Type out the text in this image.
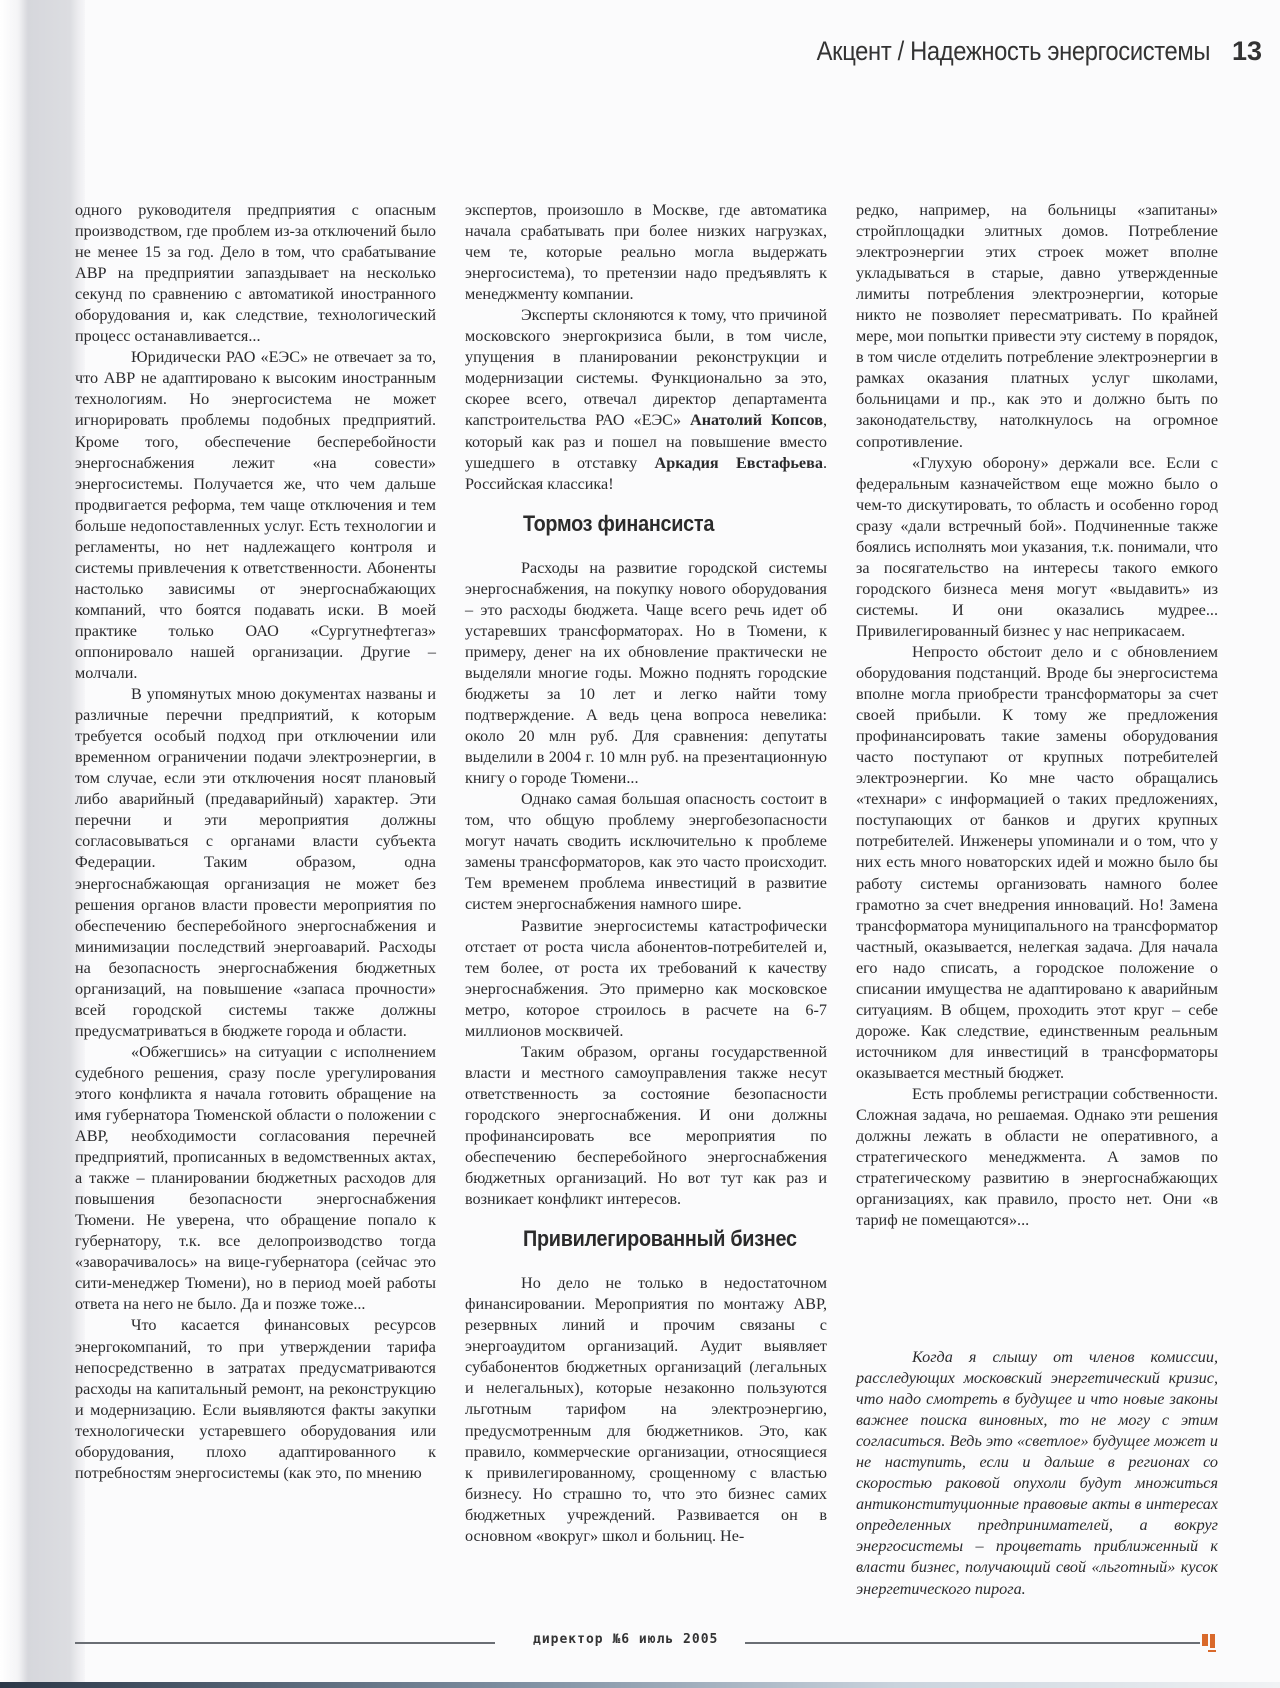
Акцент / Надежность энергосистемы 13

одного руководителя предприятия с опасным производством, где проблем из-за отключений было не менее 15 за год. Дело в том, что срабатывание АВР на предприятии запаздывает на несколько секунд по сравнению с автоматикой иностранного оборудования и, как следствие, технологический процесс останавливается...

Юридически РАО «ЕЭС» не отвечает за то, что АВР не адаптировано к высоким иностранным технологиям. Но энергосистема не может игнорировать проблемы подобных предприятий. Кроме того, обеспечение бесперебойности энергоснабжения лежит «на совести» энергосистемы. Получается же, что чем дальше продвигается реформа, тем чаще отключения и тем больше недопоставленных услуг. Есть технологии и регламенты, но нет надлежащего контроля и системы привлечения к ответственности. Абоненты настолько зависимы от энергоснабжающих компаний, что боятся подавать иски. В моей практике только ОАО «Сургутнефтегаз» оппонировало нашей организации. Другие – молчали.

В упомянутых мною документах названы и различные перечни предприятий, к которым требуется особый подход при отключении или временном ограничении подачи электроэнергии, в том случае, если эти отключения носят плановый либо аварийный (предаварийный) характер. Эти перечни и эти мероприятия должны согласовываться с органами власти субъекта Федерации. Таким образом, одна энергоснабжающая организация не может без решения органов власти провести мероприятия по обеспечению бесперебойного энергоснабжения и минимизации последствий энергоаварий. Расходы на безопасность энергоснабжения бюджетных организаций, на повышение «запаса прочности» всей городской системы также должны предусматриваться в бюджете города и области.

«Обжегшись» на ситуации с исполнением судебного решения, сразу после урегулирования этого конфликта я начала готовить обращение на имя губернатора Тюменской области о положении с АВР, необходимости согласования перечней предприятий, прописанных в ведомственных актах, а также – планировании бюджетных расходов для повышения безопасности энергоснабжения Тюмени. Не уверена, что обращение попало к губернатору, т.к. все делопроизводство тогда «заворачивалось» на вице-губернатора (сейчас это сити-менеджер Тюмени), но в период моей работы ответа на него не было. Да и позже тоже...

Что касается финансовых ресурсов энергокомпаний, то при утверждении тарифа непосредственно в затратах предусматриваются расходы на капитальный ремонт, на реконструкцию и модернизацию. Если выявляются факты закупки технологически устаревшего оборудования или оборудования, плохо адаптированного к потребностям энергосистемы (как это, по мнению

экспертов, произошло в Москве, где автоматика начала срабатывать при более низких нагрузках, чем те, которые реально могла выдержать энергосистема), то претензии надо предъявлять к менеджменту компании.

Эксперты склоняются к тому, что причиной московского энергокризиса были, в том числе, упущения в планировании реконструкции и модернизации системы. Функционально за это, скорее всего, отвечал директор департамента капстроительства РАО «ЕЭС» Анатолий Копсов, который как раз и пошел на повышение вместо ушедшего в отставку Аркадия Евстафьева. Российская классика!

Тормоз финансиста

Расходы на развитие городской системы энергоснабжения, на покупку нового оборудования – это расходы бюджета. Чаще всего речь идет об устаревших трансформаторах. Но в Тюмени, к примеру, денег на их обновление практически не выделяли многие годы. Можно поднять городские бюджеты за 10 лет и легко найти тому подтверждение. А ведь цена вопроса невелика: около 20 млн руб. Для сравнения: депутаты выделили в 2004 г. 10 млн руб. на презентационную книгу о городе Тюмени...

Однако самая большая опасность состоит в том, что общую проблему энергобезопасности могут начать сводить исключительно к проблеме замены трансформаторов, как это часто происходит. Тем временем проблема инвестиций в развитие систем энергоснабжения намного шире.

Развитие энергосистемы катастрофически отстает от роста числа абонентов-потребителей и, тем более, от роста их требований к качеству энергоснабжения. Это примерно как московское метро, которое строилось в расчете на 6-7 миллионов москвичей.

Таким образом, органы государственной власти и местного самоуправления также несут ответственность за состояние безопасности городского энергоснабжения. И они должны профинансировать все мероприятия по обеспечению бесперебойного энергоснабжения бюджетных организаций. Но вот тут как раз и возникает конфликт интересов.

Привилегированный бизнес

Но дело не только в недостаточном финансировании. Мероприятия по монтажу АВР, резервных линий и прочим связаны с энергоаудитом организаций. Аудит выявляет субабонентов бюджетных организаций (легальных и нелегальных), которые незаконно пользуются льготным тарифом на электроэнергию, предусмотренным для бюджетников. Это, как правило, коммерческие организации, относящиеся к привилегированному, срощенному с властью бизнесу. Но страшно то, что это бизнес самих бюджетных учреждений. Развивается он в основном «вокруг» школ и больниц. Не-

редко, например, на больницы «запитаны» стройплощадки элитных домов. Потребление электроэнергии этих строек может вполне укладываться в старые, давно утвержденные лимиты потребления электроэнергии, которые никто не позволяет пересматривать. По крайней мере, мои попытки привести эту систему в порядок, в том числе отделить потребление электроэнергии в рамках оказания платных услуг школами, больницами и пр., как это и должно быть по законодательству, натолкнулось на огромное сопротивление.

«Глухую оборону» держали все. Если с федеральным казначейством еще можно было о чем-то дискутировать, то область и особенно город сразу «дали встречный бой». Подчиненные также боялись исполнять мои указания, т.к. понимали, что за посягательство на интересы такого емкого городского бизнеса меня могут «выдавить» из системы. И они оказались мудрее... Привилегированный бизнес у нас неприкасаем.

Непросто обстоит дело и с обновлением оборудования подстанций. Вроде бы энергосистема вполне могла приобрести трансформаторы за счет своей прибыли. К тому же предложения профинансировать такие замены оборудования часто поступают от крупных потребителей электроэнергии. Ко мне часто обращались «технари» с информацией о таких предложениях, поступающих от банков и других крупных потребителей. Инженеры упоминали и о том, что у них есть много новаторских идей и можно было бы работу системы организовать намного более грамотно за счет внедрения инноваций. Но! Замена трансформатора муниципального на трансформатор частный, оказывается, нелегкая задача. Для начала его надо списать, а городское положение о списании имущества не адаптировано к аварийным ситуациям. В общем, проходить этот круг – себе дороже. Как следствие, единственным реальным источником для инвестиций в трансформаторы оказывается местный бюджет.

Есть проблемы регистрации собственности. Сложная задача, но решаемая. Однако эти решения должны лежать в области не оперативного, а стратегического менеджмента. А замов по стратегическому развитию в энергоснабжающих организациях, как правило, просто нет. Они «в тариф не помещаются»...

Когда я слышу от членов комиссии, расследующих московский энергетический кризис, что надо смотреть в будущее и что новые законы важнее поиска виновных, то не могу с этим согласиться. Ведь это «светлое» будущее может и не наступить, если и дальше в регионах со скоростью раковой опухоли будут множиться антиконституционные правовые акты в интересах определенных предпринимателей, а вокруг энергосистемы – процветать приближенный к власти бизнес, получающий свой «льготный» кусок энергетического пирога.

директор №6 июль 2005
